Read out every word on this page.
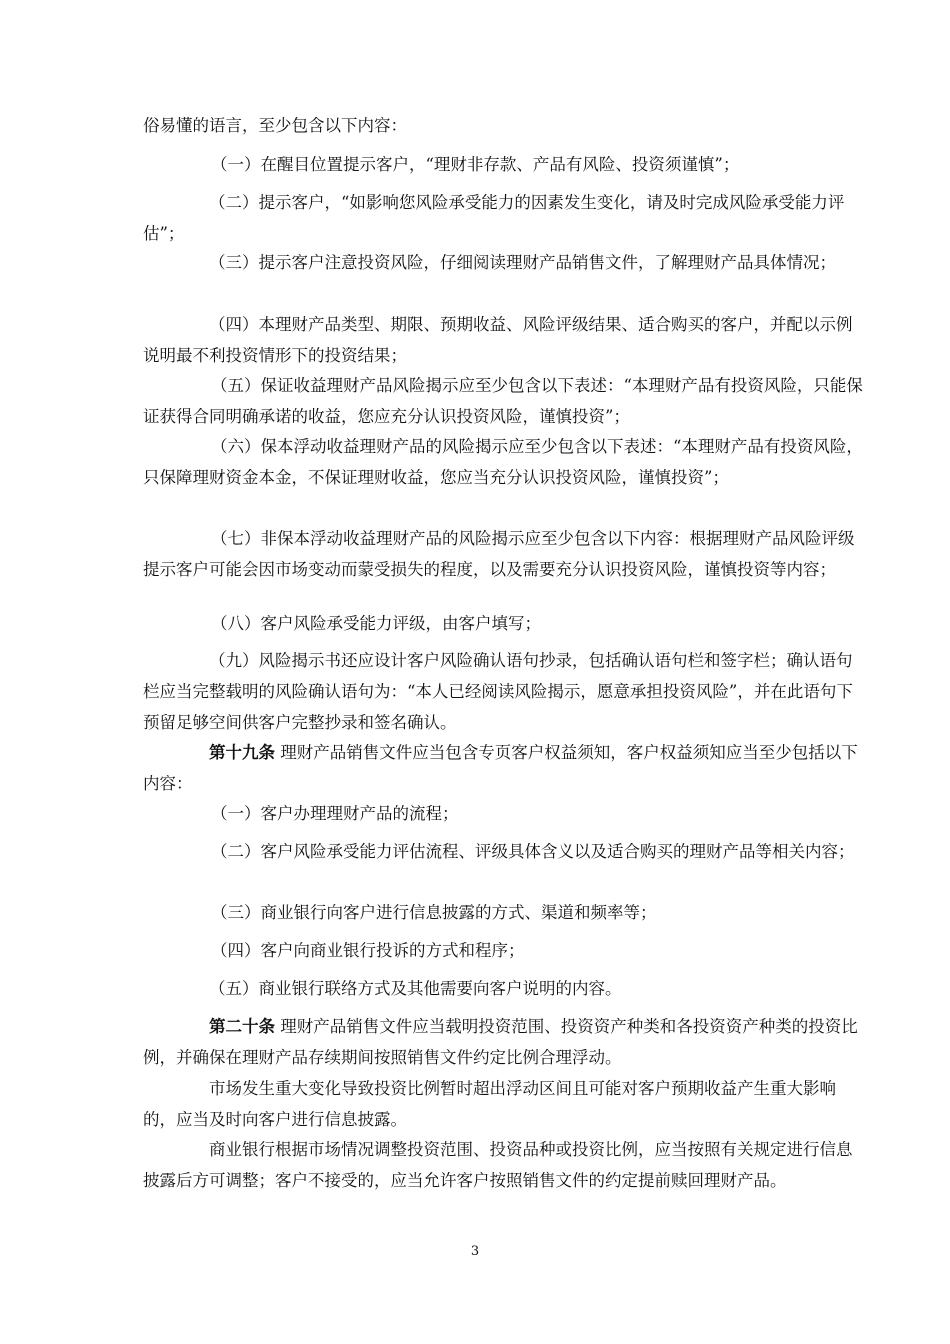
俗易懂的语言，至少包含以下内容：

（一）在醒目位置提示客户，“理财非存款、产品有风险、投资须谨慎”；

（二）提示客户，“如影响您风险承受能力的因素发生变化，请及时完成风险承受能力评估”；

（三）提示客户注意投资风险，仔细阅读理财产品销售文件，了解理财产品具体情况；

（四）本理财产品类型、期限、预期收益、风险评级结果、适合购买的客户，并配以示例说明最不利投资情形下的投资结果；

（五）保证收益理财产品风险揭示应至少包含以下表述：“本理财产品有投资风险，只能保证获得合同明确承诺的收益，您应充分认识投资风险，谨慎投资”；

（六）保本浮动收益理财产品的风险揭示应至少包含以下表述：“本理财产品有投资风险，只保障理财资金本金，不保证理财收益，您应当充分认识投资风险，谨慎投资”；

（七）非保本浮动收益理财产品的风险揭示应至少包含以下内容：根据理财产品风险评级提示客户可能会因市场变动而蒙受损失的程度，以及需要充分认识投资风险，谨慎投资等内容；

（八）客户风险承受能力评级，由客户填写；

（九）风险揭示书还应设计客户风险确认语句抄录，包括确认语句栏和签字栏；确认语句栏应当完整载明的风险确认语句为：“本人已经阅读风险揭示，愿意承担投资风险”，并在此语句下预留足够空间供客户完整抄录和签名确认。

第十九条 理财产品销售文件应当包含专页客户权益须知，客户权益须知应当至少包括以下内容：

（一）客户办理理财产品的流程；

（二）客户风险承受能力评估流程、评级具体含义以及适合购买的理财产品等相关内容；

（三）商业银行向客户进行信息披露的方式、渠道和频率等；

（四）客户向商业银行投诉的方式和程序；

（五）商业银行联络方式及其他需要向客户说明的内容。

第二十条 理财产品销售文件应当载明投资范围、投资资产种类和各投资资产种类的投资比例，并确保在理财产品存续期间按照销售文件约定比例合理浮动。

市场发生重大变化导致投资比例暂时超出浮动区间且可能对客户预期收益产生重大影响的，应当及时向客户进行信息披露。

商业银行根据市场情况调整投资范围、投资品种或投资比例，应当按照有关规定进行信息披露后方可调整；客户不接受的，应当允许客户按照销售文件的约定提前赎回理财产品。

3
